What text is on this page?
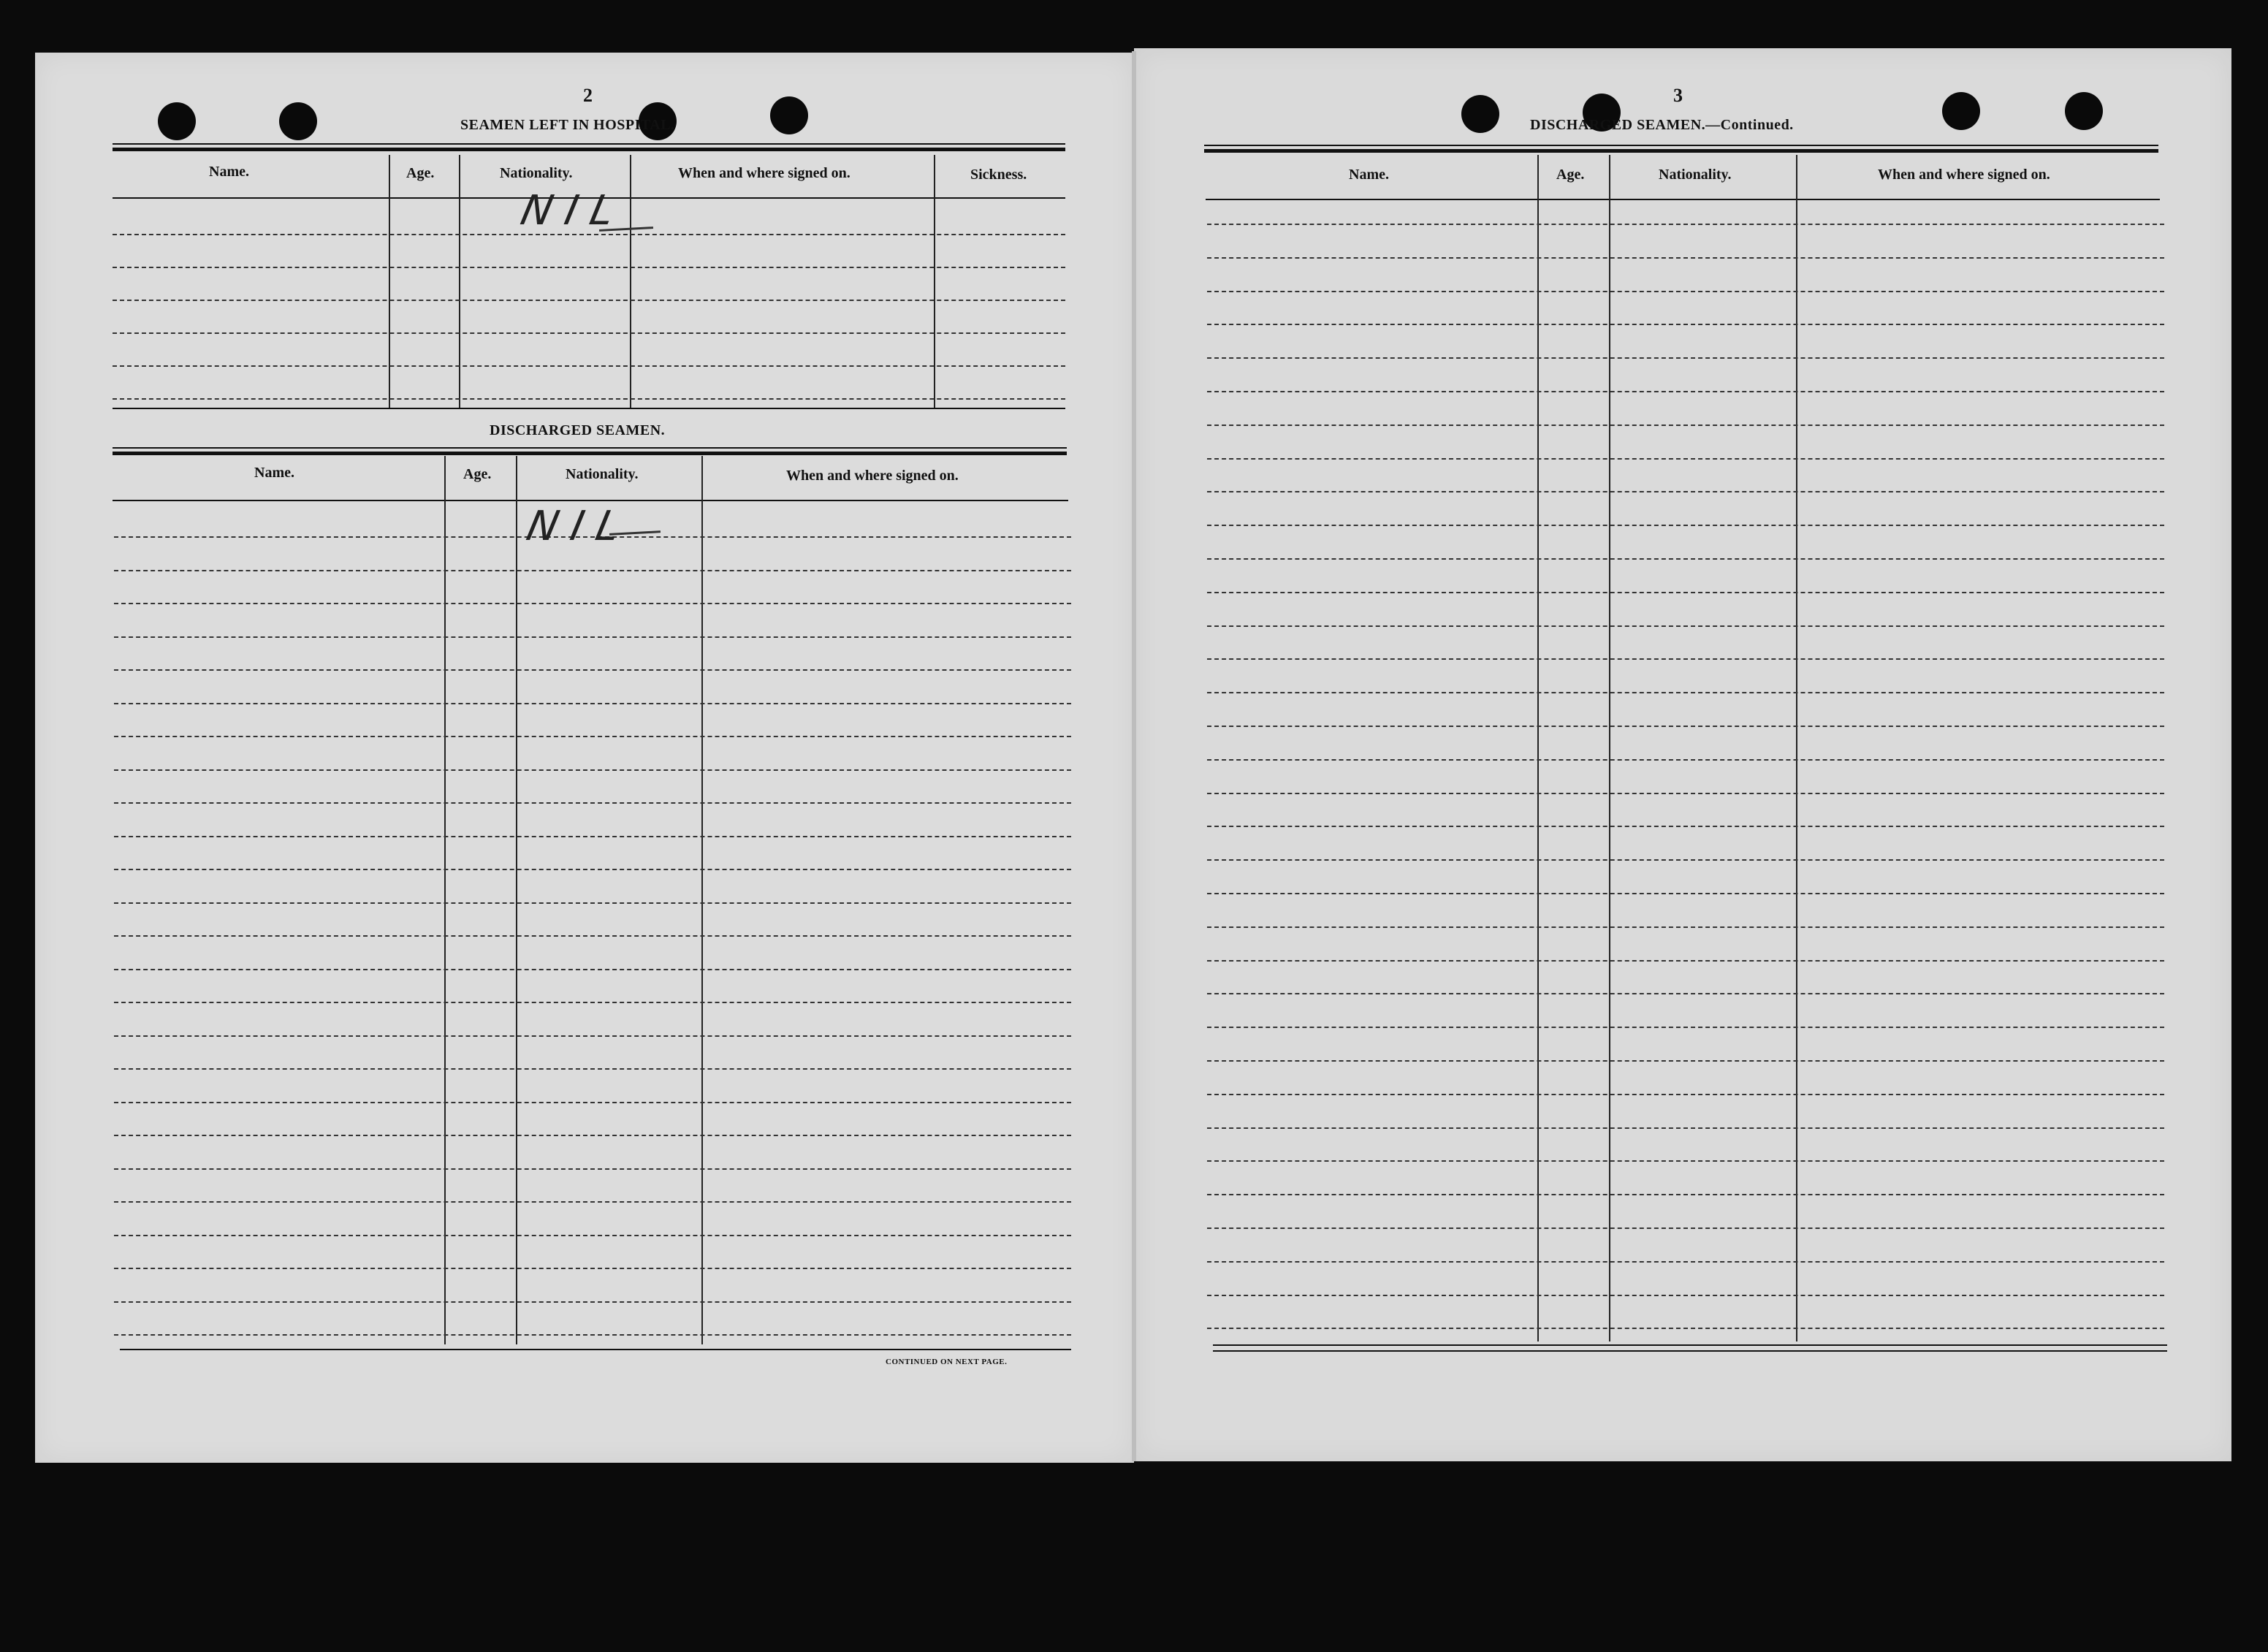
2
SEAMEN LEFT IN HOSPITAL.
Name.	Age.	Nationality.	When and where signed on.	Sickness.
NIL
DISCHARGED SEAMEN.
Name.	Age.	Nationality.	When and where signed on.
NIL
CONTINUED ON NEXT PAGE.
3
DISCHARGED SEAMEN.—Continued.
Name.	Age.	Nationality.	When and where signed on.
